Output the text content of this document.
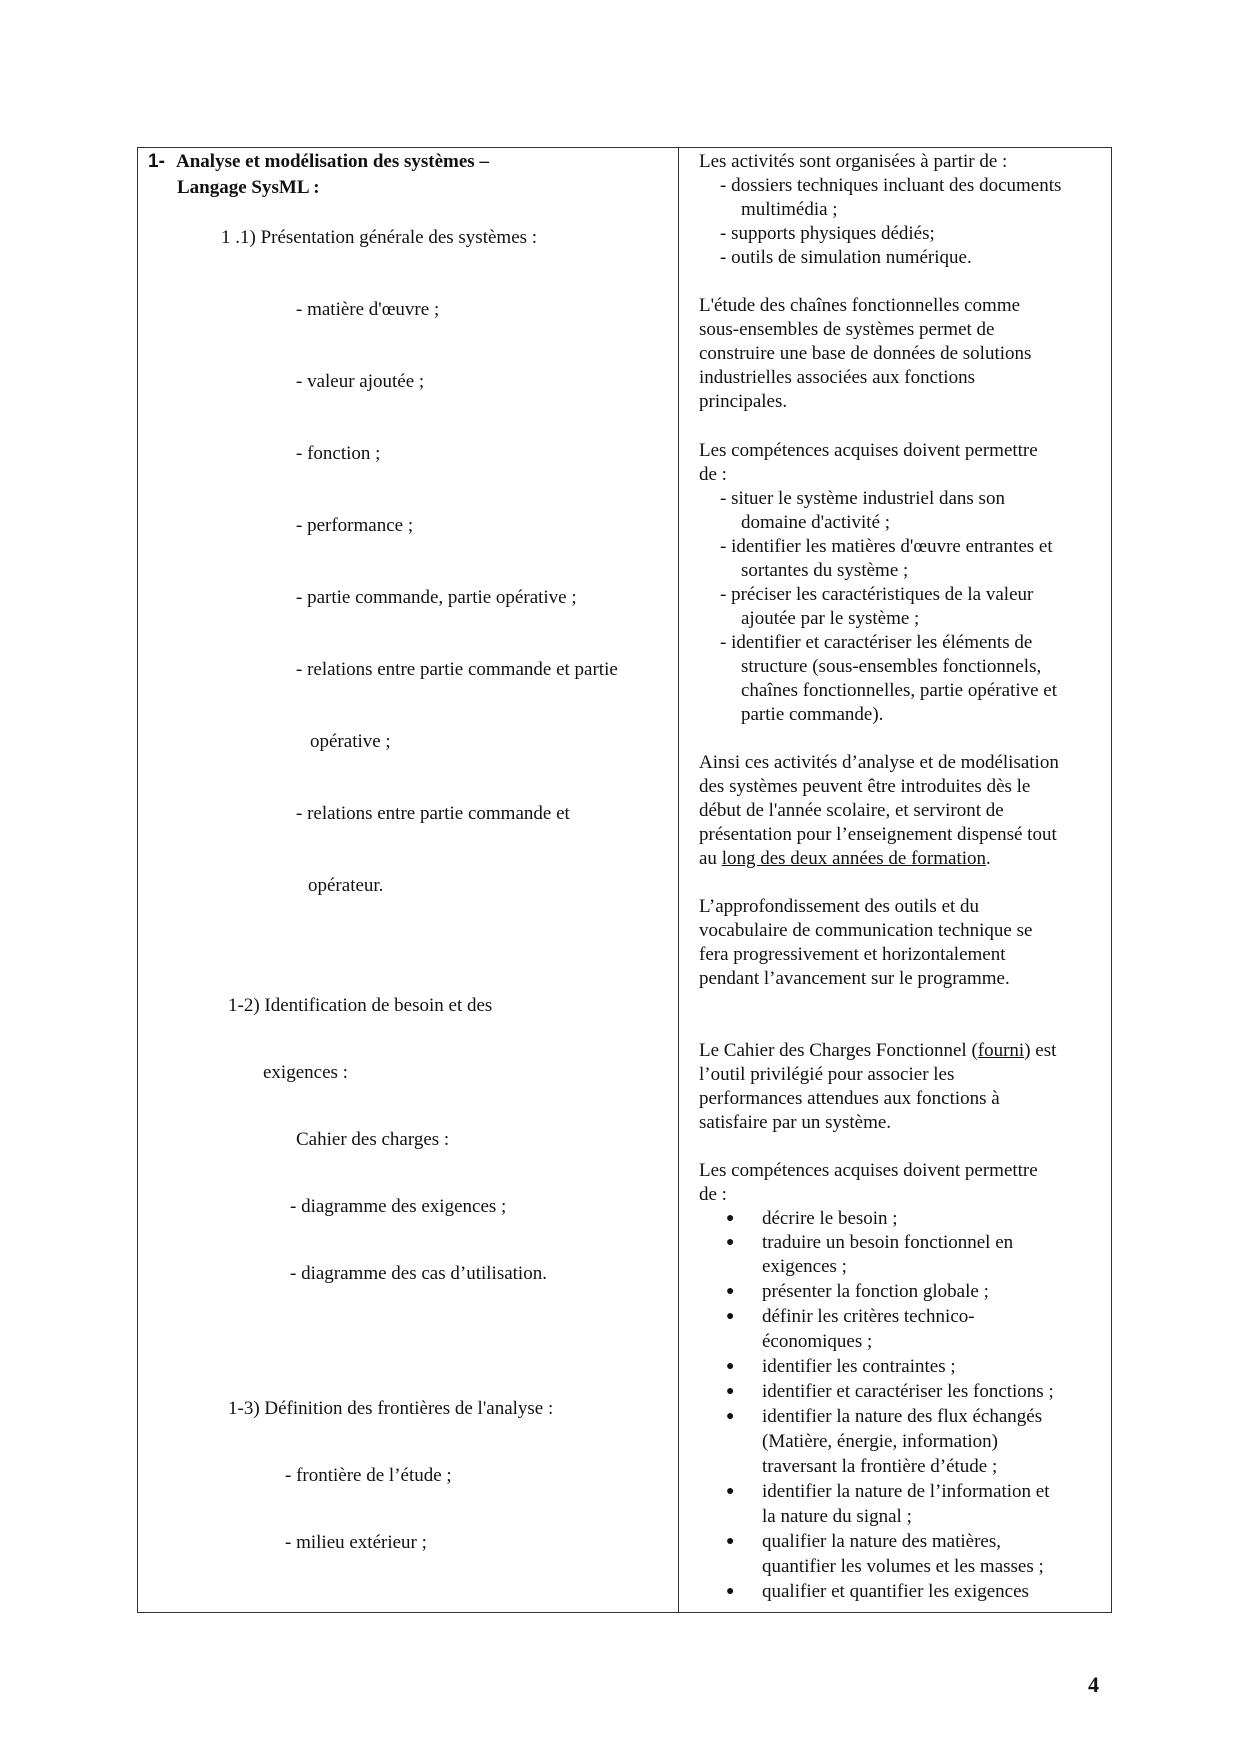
1- Analyse et modélisation des systèmes –
Langage SysML :
1 .1) Présentation générale des systèmes :
- matière d'œuvre ;
- valeur ajoutée ;
- fonction ;
- performance ;
- partie commande, partie opérative ;
- relations entre partie commande et partie
opérative ;
- relations entre partie commande et
opérateur.
1-2) Identification de besoin et des
exigences :
Cahier des charges :
- diagramme des exigences ;
- diagramme des cas d’utilisation.
1-3) Définition des frontières de l'analyse :
- frontière de l’étude ;
- milieu extérieur ;
Les activités sont organisées à partir de :
- dossiers techniques incluant des documents
multimédia ;
- supports physiques dédiés;
- outils de simulation numérique.
L'étude des chaînes fonctionnelles comme
sous-ensembles de systèmes permet de
construire une base de données de solutions
industrielles associées aux fonctions
principales.
Les compétences acquises doivent permettre
de :
- situer le système industriel dans son
domaine d'activité ;
- identifier les matières d'œuvre entrantes et
sortantes du système ;
- préciser les caractéristiques de la valeur
ajoutée par le système ;
- identifier et caractériser les éléments de
structure (sous-ensembles fonctionnels,
chaînes fonctionnelles, partie opérative et
partie commande).
Ainsi ces activités d’analyse et de modélisation
des systèmes peuvent être introduites dès le
début de l'année scolaire, et serviront de
présentation pour l’enseignement dispensé tout
au long des deux années de formation.
L’approfondissement des outils et du
vocabulaire de communication technique se
fera progressivement et horizontalement
pendant l’avancement sur le programme.
Le Cahier des Charges Fonctionnel (fourni) est
l’outil privilégié pour associer les
performances attendues aux fonctions à
satisfaire par un système.
Les compétences acquises doivent permettre
de :
● décrire le besoin ;
● traduire un besoin fonctionnel en
exigences ;
● présenter la fonction globale ;
● définir les critères technico-
économiques ;
● identifier les contraintes ;
● identifier et caractériser les fonctions ;
● identifier la nature des flux échangés
(Matière, énergie, information)
traversant la frontière d’étude ;
● identifier la nature de l’information et
la nature du signal ;
● qualifier la nature des matières,
quantifier les volumes et les masses ;
● qualifier et quantifier les exigences
4
